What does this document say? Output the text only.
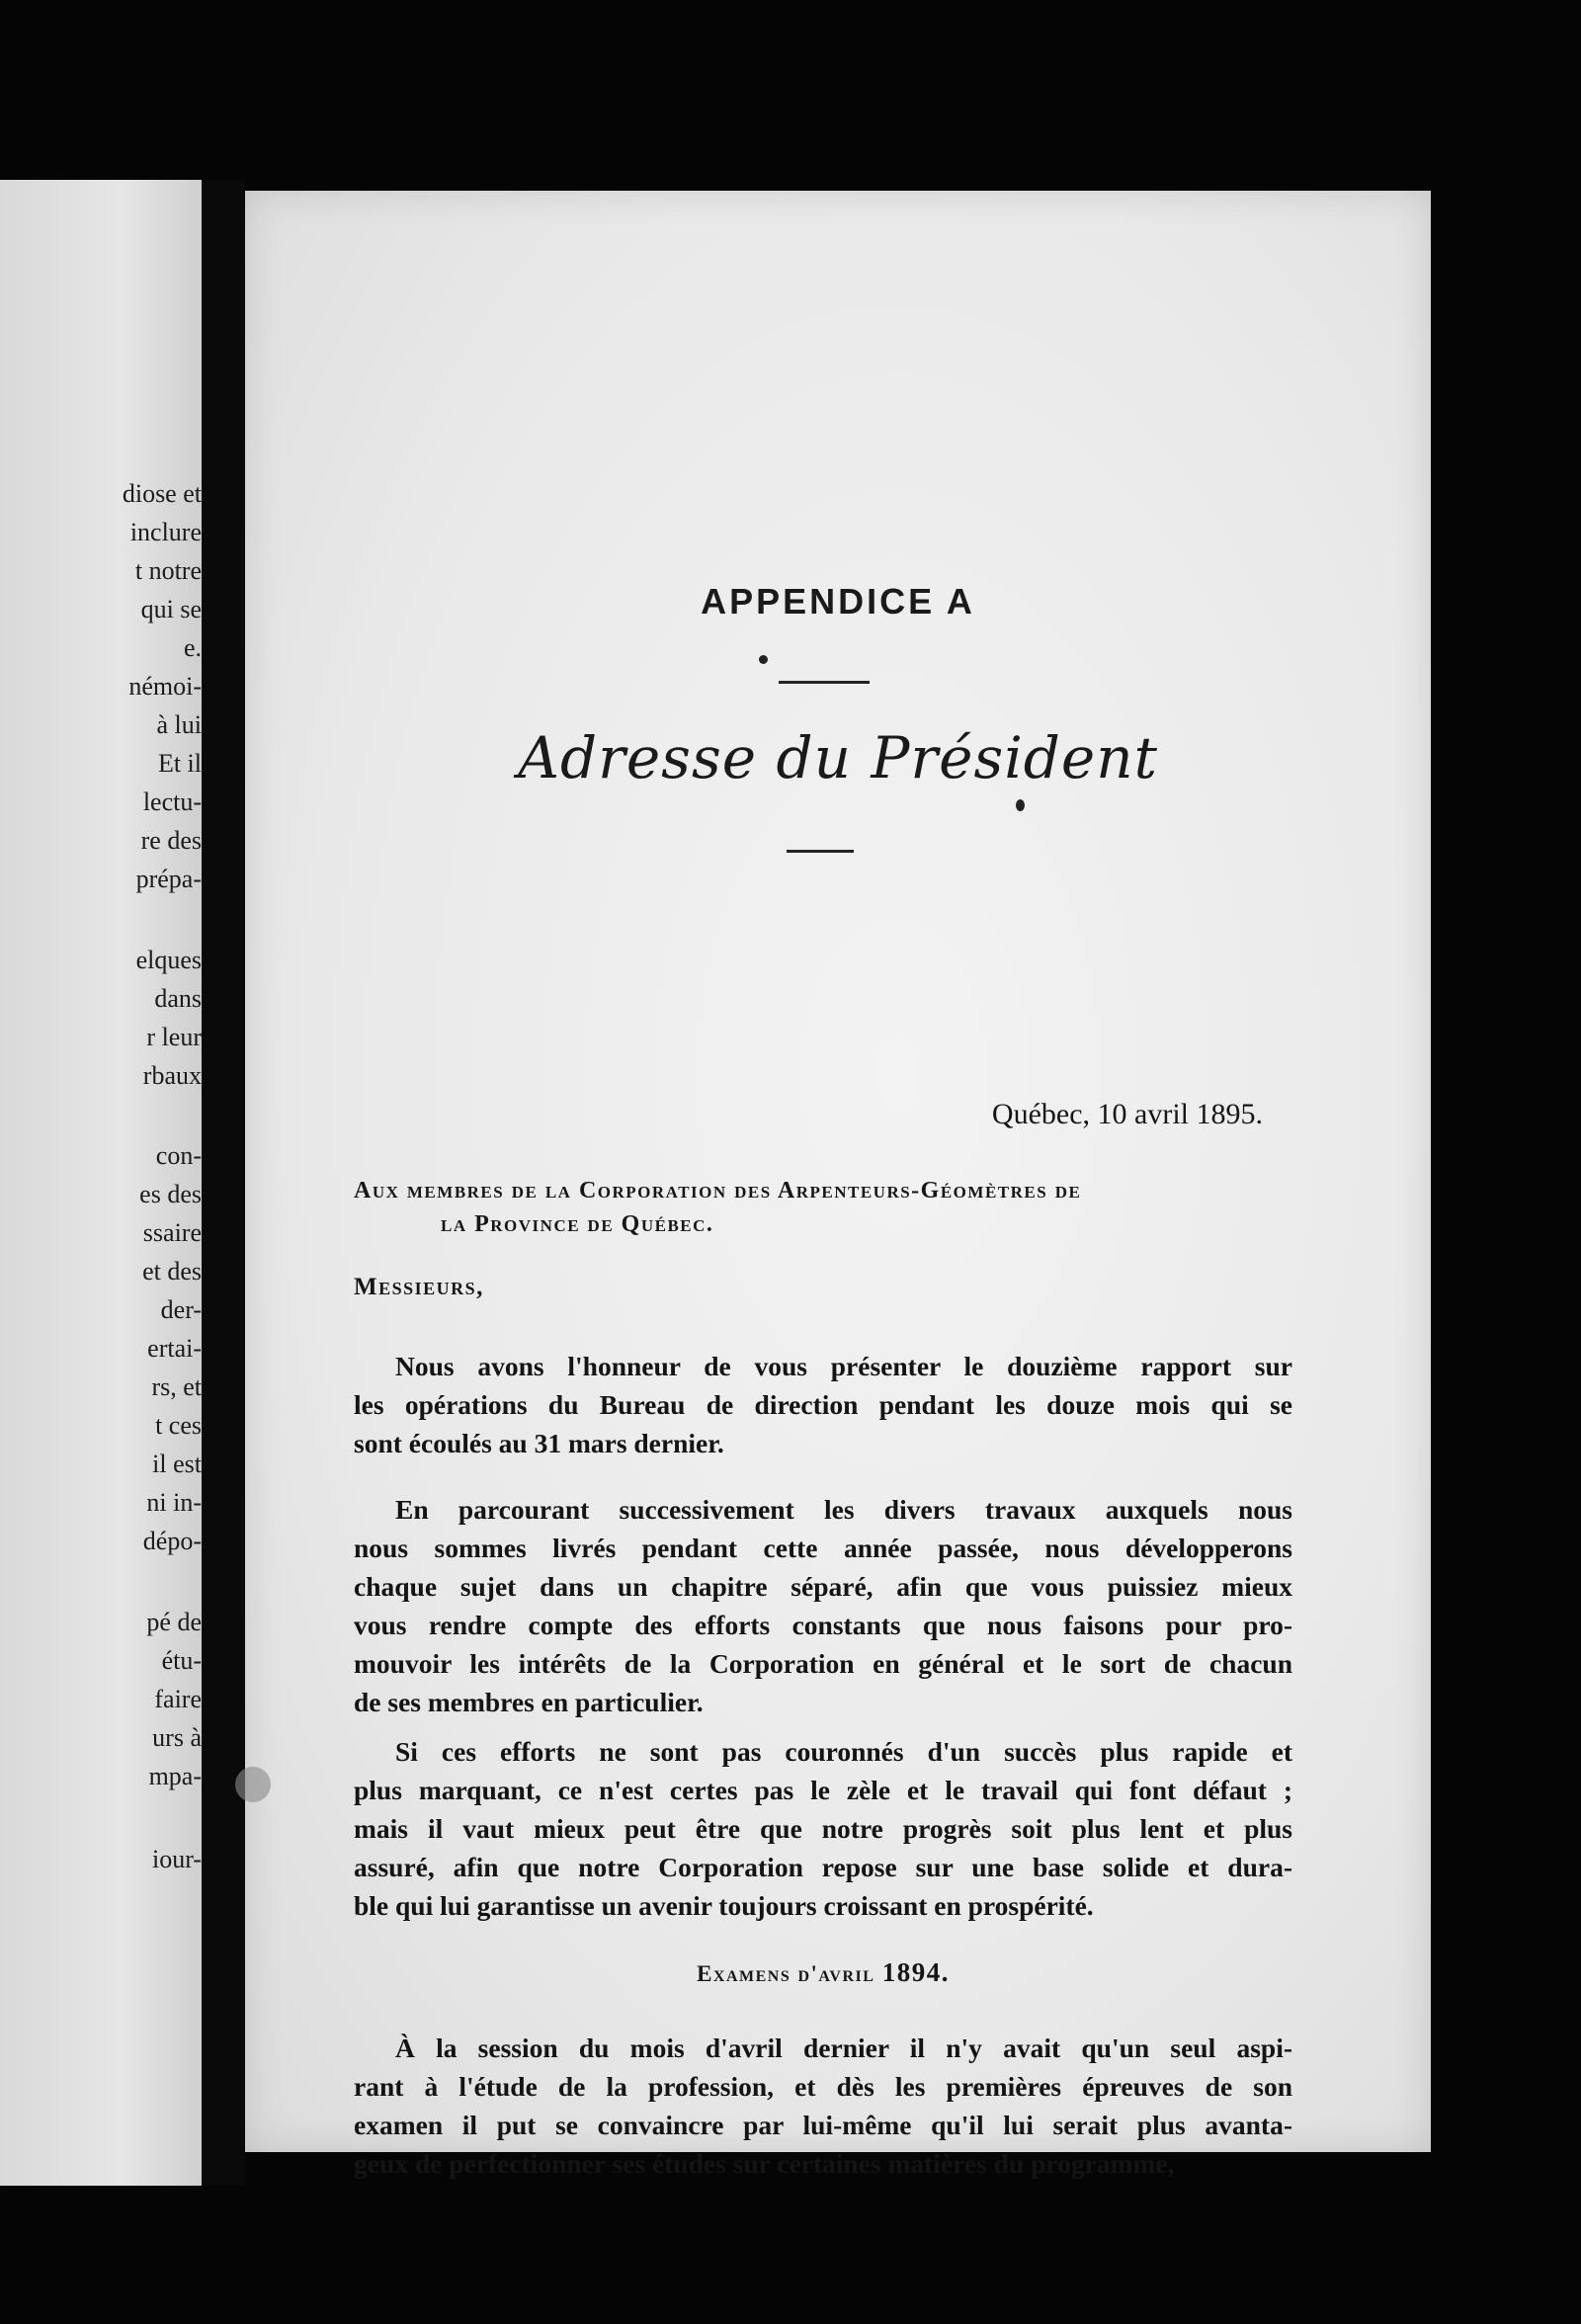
diose et
inclure
t notre
qui se
e.
némoi-
à lui
Et il
lectu-
re des
prépa-
elques
dans
r leur
rbaux
con-
es des
ssaire
et des
der-
ertai-
rs, et
t ces
il est
ni in-
dépo-
pé de
étu-
faire
urs à
mpa-
iour-
APPENDICE A
Adresse du Président
Québec, 10 avril 1895.
Aux membres de la Corporation des Arpenteurs-Géomètres de
la Province de Québec.
Messieurs,
Nous avons l'honneur de vous présenter le douzième rapport sur
les opérations du Bureau de direction pendant les douze mois qui se
sont écoulés au 31 mars dernier.
En parcourant successivement les divers travaux auxquels nous
nous sommes livrés pendant cette année passée, nous développerons
chaque sujet dans un chapitre séparé, afin que vous puissiez mieux
vous rendre compte des efforts constants que nous faisons pour pro-
mouvoir les intérêts de la Corporation en général et le sort de chacun
de ses membres en particulier.
Si ces efforts ne sont pas couronnés d'un succès plus rapide et
plus marquant, ce n'est certes pas le zèle et le travail qui font défaut ;
mais il vaut mieux peut être que notre progrès soit plus lent et plus
assuré, afin que notre Corporation repose sur une base solide et dura-
ble qui lui garantisse un avenir toujours croissant en prospérité.
Examens d'avril 1894.
À la session du mois d'avril dernier il n'y avait qu'un seul aspi-
rant à l'étude de la profession, et dès les premières épreuves de son
examen il put se convaincre par lui-même qu'il lui serait plus avanta-
geux de perfectionner ses études sur certaines matières du programme,
